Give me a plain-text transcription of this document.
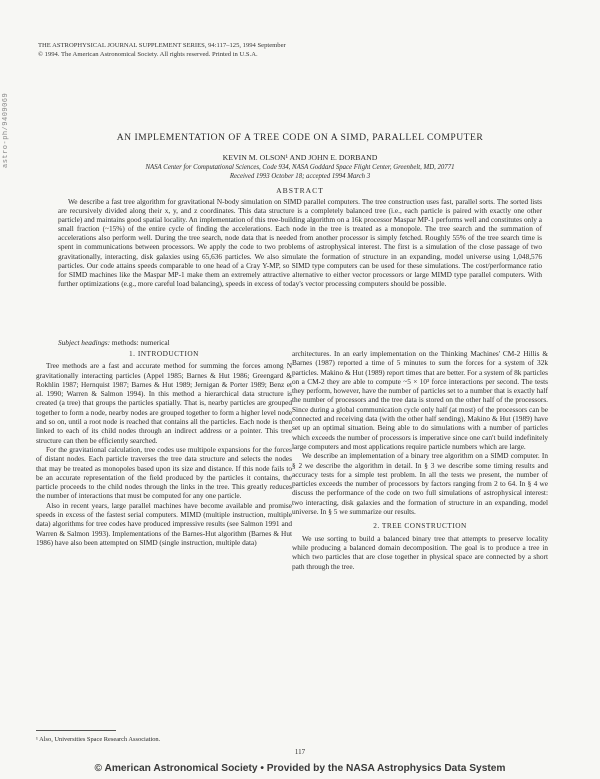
astro-ph/9409069
THE ASTROPHYSICAL JOURNAL SUPPLEMENT SERIES, 94:117–125, 1994 September
© 1994. The American Astronomical Society. All rights reserved. Printed in U.S.A.
AN IMPLEMENTATION OF A TREE CODE ON A SIMD, PARALLEL COMPUTER
KEVIN M. OLSON¹ AND JOHN E. DORBAND
NASA Center for Computational Sciences, Code 934, NASA Goddard Space Flight Center, Greenbelt, MD, 20771
Received 1993 October 18; accepted 1994 March 3
ABSTRACT

We describe a fast tree algorithm for gravitational N-body simulation on SIMD parallel computers. The tree construction uses fast, parallel sorts. The sorted lists are recursively divided along their x, y, and z coordinates. This data structure is a completely balanced tree (i.e., each particle is paired with exactly one other particle) and maintains good spatial locality. An implementation of this tree-building algorithm on a 16k processor Maspar MP-1 performs well and constitutes only a small fraction (~15%) of the entire cycle of finding the accelerations. Each node in the tree is treated as a monopole. The tree search and the summation of accelerations also perform well. During the tree search, node data that is needed from another processor is simply fetched. Roughly 55% of the tree search time is spent in communications between processors. We apply the code to two problems of astrophysical interest. The first is a simulation of the close passage of two gravitationally, interacting, disk galaxies using 65,636 particles. We also simulate the formation of structure in an expanding, model universe using 1,048,576 particles. Our code attains speeds comparable to one head of a Cray Y-MP, so SIMD type computers can be used for these simulations. The cost/performance ratio for SIMD machines like the Maspar MP-1 make them an extremely attractive alternative to either vector processors or large MIMD type parallel computers. With further optimizations (e.g., more careful load balancing), speeds in excess of today's vector processing computers should be possible.

Subject headings: methods: numerical
1. INTRODUCTION

Tree methods are a fast and accurate method for summing the forces among N gravitationally interacting particles (Appel 1985; Barnes & Hut 1986; Greengard & Rokhlin 1987; Hernquist 1987; Barnes & Hut 1989; Jernigan & Porter 1989; Benz et al. 1990; Warren & Salmon 1994). In this method a hierarchical data structure is created (a tree) that groups the particles spatially. That is, nearby particles are grouped together to form a node, nearby nodes are grouped together to form a higher level node and so on, until a root node is reached that contains all the particles. Each node is then linked to each of its child nodes through an indirect address or a pointer. This tree structure can then be efficiently searched.

For the gravitational calculation, tree codes use multipole expansions for the forces of distant nodes. Each particle traverses the tree data structure and selects the nodes that may be treated as monopoles based upon its size and distance. If this node fails to be an accurate representation of the field produced by the particles it contains, the particle proceeds to the child nodes through the links in the tree. This greatly reduces the number of interactions that must be computed for any one particle.

Also in recent years, large parallel machines have become available and promise speeds in excess of the fastest serial computers. MIMD (multiple instruction, multiple data) algorithms for tree codes have produced impressive results (see Salmon 1991 and Warren & Salmon 1993). Implementations of the Barnes-Hut algorithm (Barnes & Hut 1986) have also been attempted on SIMD (single instruction, multiple data)

architectures. In an early implementation on the Thinking Machines' CM-2 Hillis & Barnes (1987) reported a time of 5 minutes to sum the forces for a system of 32k particles. Makino & Hut (1989) report times that are better. For a system of 8k particles on a CM-2 they are able to compute ~5 × 10³ force interactions per second. The tests they perform, however, have the number of particles set to a number that is exactly half the number of processors and the tree data is stored on the other half of the processors. Since during a global communication cycle only half (at most) of the processors can be connected and receiving data (with the other half sending), Makino & Hut (1989) have set up an optimal situation. Being able to do simulations with a number of particles which exceeds the number of processors is imperative since one can't build indefinitely large computers and most applications require particle numbers which are large.

We describe an implementation of a binary tree algorithm on a SIMD computer. In § 2 we describe the algorithm in detail. In § 3 we describe some timing results and accuracy tests for a simple test problem. In all the tests we present, the number of particles exceeds the number of processors by factors ranging from 2 to 64. In § 4 we discuss the performance of the code on two full simulations of astrophysical interest: two interacting, disk galaxies and the formation of structure in an expanding, model universe. In § 5 we summarize our results.

2. TREE CONSTRUCTION

We use sorting to build a balanced binary tree that attempts to preserve locality while producing a balanced domain decomposition. The goal is to produce a tree in which two particles that are close together in physical space are connected by a short path through the tree.

¹ Also, Universities Space Research Association.
117
© American Astronomical Society • Provided by the NASA Astrophysics Data System
